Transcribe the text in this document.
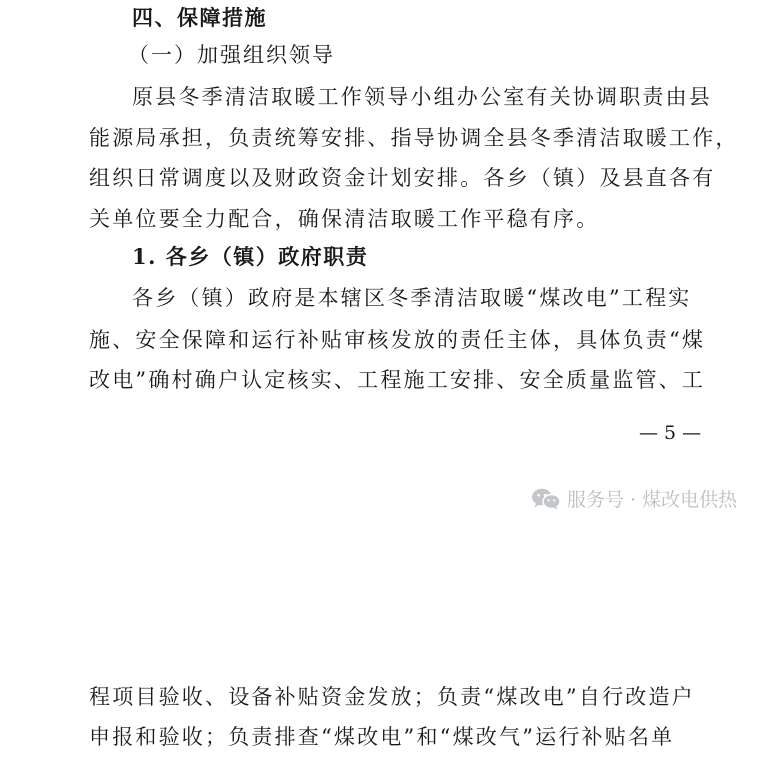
四、保障措施
（一）加强组织领导
原县冬季清洁取暖工作领导小组办公室有关协调职责由县
能源局承担，负责统筹安排、指导协调全县冬季清洁取暖工作，
组织日常调度以及财政资金计划安排。各乡（镇）及县直各有
关单位要全力配合，确保清洁取暖工作平稳有序。
1. 各乡（镇）政府职责
各乡（镇）政府是本辖区冬季清洁取暖“煤改电”工程实
施、安全保障和运行补贴审核发放的责任主体，具体负责“煤
改电”确村确户认定核实、工程施工安排、安全质量监管、工
— 5 —
服务号 · 煤改电供热
程项目验收、设备补贴资金发放；负责“煤改电”自行改造户
申报和验收；负责排查“煤改电”和“煤改气”运行补贴名单
